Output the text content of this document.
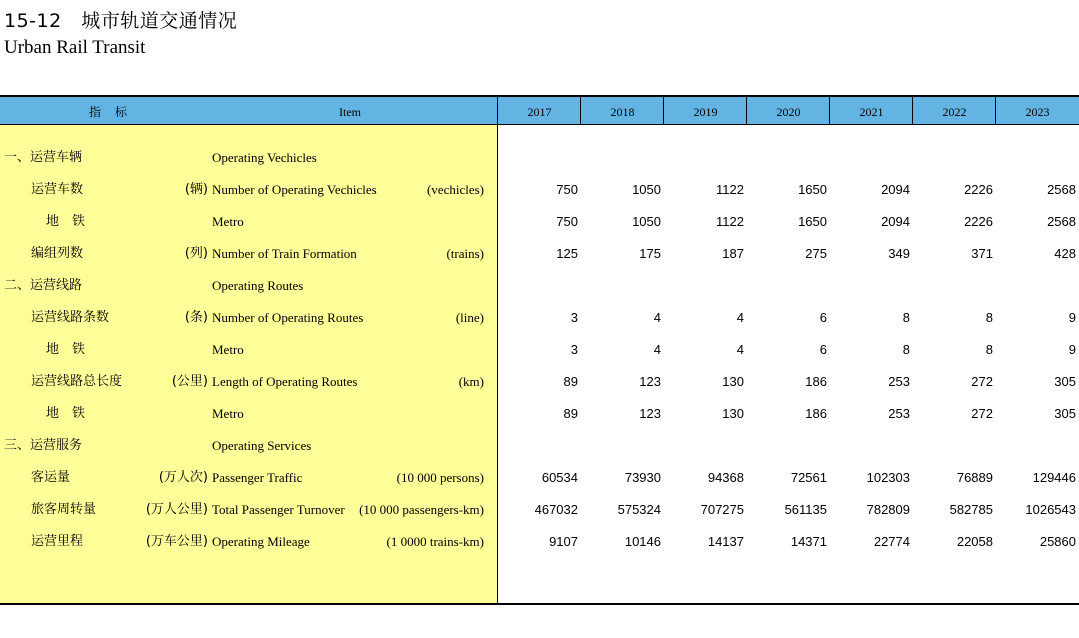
15-12　城市轨道交通情况
Urban Rail Transit
指标	Item	2017	2018	2019	2020	2021	2022	2023
一、运营车辆	Operating Vechicles
运营车数	(辆) Number of Operating Vechicles	(vechicles)	750	1050	1122	1650	2094	2226	2568
地　铁	Metro	750	1050	1122	1650	2094	2226	2568
编组列数	(列) Number of Train Formation	(trains)	125	175	187	275	349	371	428
二、运营线路	Operating Routes
运营线路条数	(条) Number of Operating Routes	(line)	3	4	4	6	8	8	9
地　铁	Metro	3	4	4	6	8	8	9
运营线路总长度	(公里) Length of Operating Routes	(km)	89	123	130	186	253	272	305
地　铁	Metro	89	123	130	186	253	272	305
三、运营服务	Operating Services
客运量	(万人次) Passenger Traffic	(10 000 persons)	60534	73930	94368	72561	102303	76889	129446
旅客周转量	(万人公里) Total Passenger Turnover (10 000 passengers-km)	467032	575324	707275	561135	782809	582785 1026543
运营里程	(万车公里) Operating Mileage	(1 0000 trains-km)	9107	10146	14137	14371	22774	22058	25860
